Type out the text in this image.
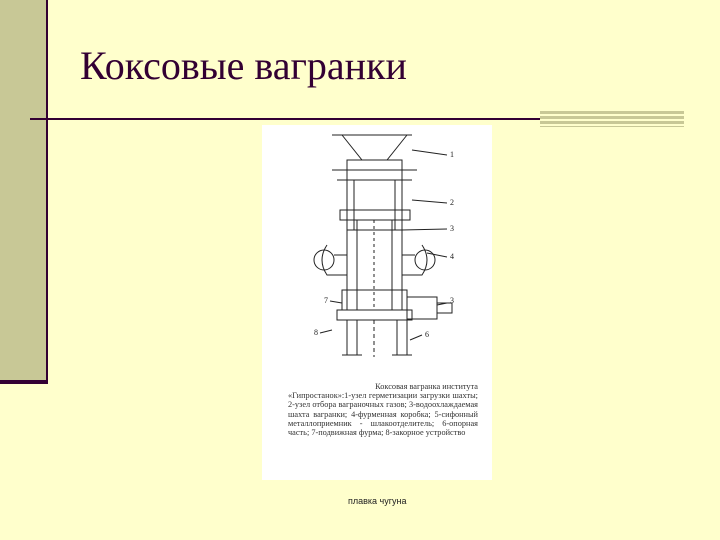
Коксовые вагранки
1
2
3
4
3
7
8	6
Коксовая вагранка института
«Гипростанок»:1-узел герметизации загрузки шахты; 2-узел отбора ваграночных газов; 3-водоохлаждаемая шахта вагранки; 4-фурменная коробка; 5-сифонный металлоприемник - шлакоотделитель; 6-опорная часть; 7-подвижная фурма; 8-закорное устройство
плавка чугуна
